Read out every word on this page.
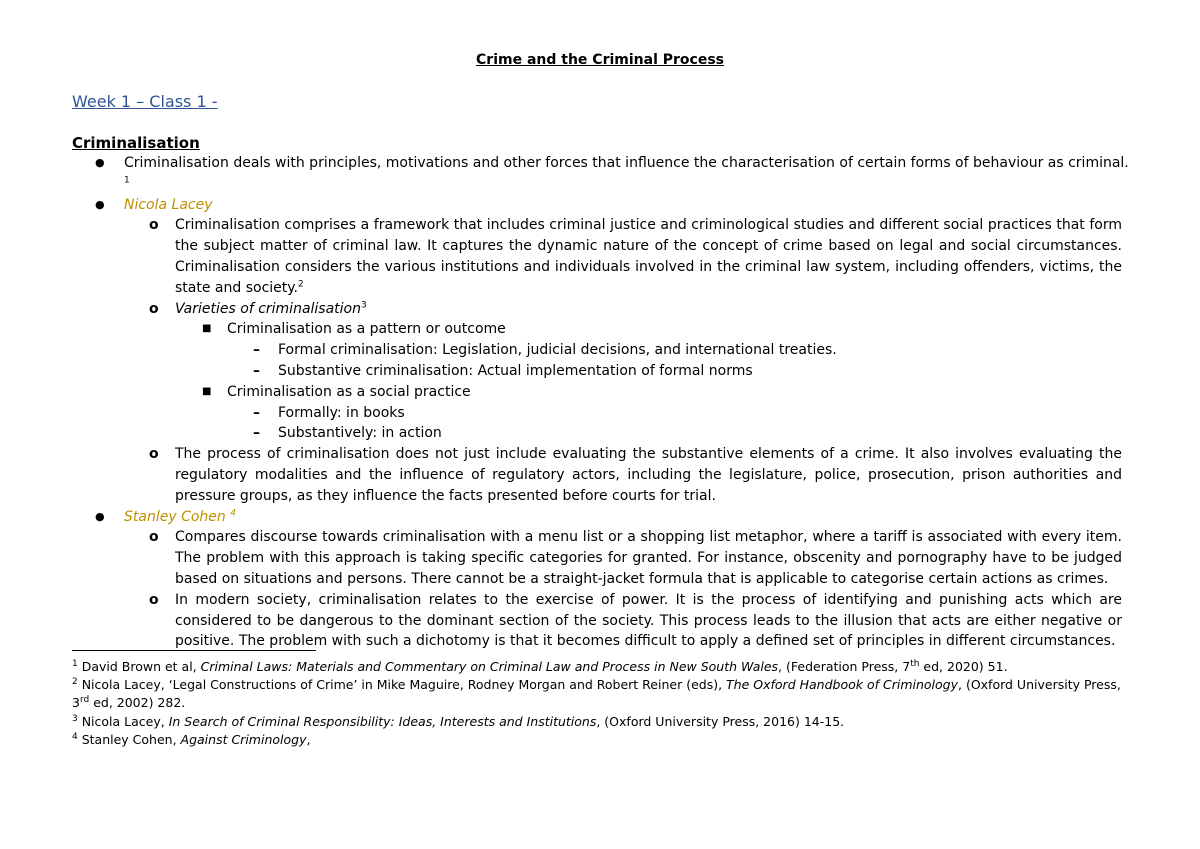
Crime and the Criminal Process
Week 1 – Class 1 -
Criminalisation
● Criminalisation deals with principles, motivations and other forces that influence the characterisation of certain forms of behaviour as criminal. $^1$
● Nicola Lacey
o Criminalisation comprises a framework that includes criminal justice and criminological studies and different social practices that form the subject matter of criminal law. It captures the dynamic nature of the concept of crime based on legal and social circumstances. Criminalisation considers the various institutions and individuals involved in the criminal law system, including offenders, victims, the state and society.$^2$
o Varieties of criminalisation$^3$
■ Criminalisation as a pattern or outcome
– Formal criminalisation: Legislation, judicial decisions, and international treaties.
– Substantive criminalisation: Actual implementation of formal norms
■ Criminalisation as a social practice
– Formally: in books
– Substantively: in action
o The process of criminalisation does not just include evaluating the substantive elements of a crime. It also involves evaluating the regulatory modalities and the influence of regulatory actors, including the legislature, police, prosecution, prison authorities and pressure groups, as they influence the facts presented before courts for trial.
● Stanley Cohen $^4$
o Compares discourse towards criminalisation with a menu list or a shopping list metaphor, where a tariff is associated with every item. The problem with this approach is taking specific categories for granted. For instance, obscenity and pornography have to be judged based on situations and persons. There cannot be a straight-jacket formula that is applicable to categorise certain actions as crimes.
o In modern society, criminalisation relates to the exercise of power. It is the process of identifying and punishing acts which are considered to be dangerous to the dominant section of the society. This process leads to the illusion that acts are either negative or positive. The problem with such a dichotomy is that it becomes difficult to apply a defined set of principles in different circumstances.
$^1$ David Brown et al, Criminal Laws: Materials and Commentary on Criminal Law and Process in New South Wales, (Federation Press, 7th ed, 2020) 51.
$^2$ Nicola Lacey, ‘Legal Constructions of Crime’ in Mike Maguire, Rodney Morgan and Robert Reiner (eds), The Oxford Handbook of Criminology, (Oxford University Press, 3rd ed, 2002) 282.
$^3$ Nicola Lacey, In Search of Criminal Responsibility: Ideas, Interests and Institutions, (Oxford University Press, 2016) 14-15.
$^4$ Stanley Cohen, Against Criminology,
